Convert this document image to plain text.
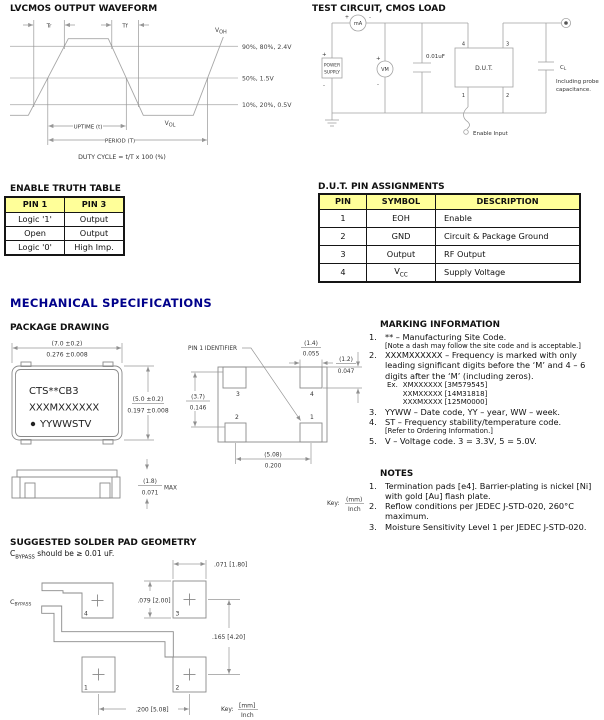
LVCMOS OUTPUT WAVEFORM
Tr	Tf
$V_{OH}$
$V_{OL}$
90%, 80%, 2.4V
50%, 1.5V
10%, 20%, 0.5V
UPTIME (t)
PERIOD (T)
DUTY CYCLE = t/T x 100 (%)
TEST CIRCUIT, CMOS LOAD
mA
+	-
POWER
SUPPLY
+
-
VM
+
-
0.01uF
D.U.T.
4	3
1	2
Enable Input
$C_L$
Including probe
capacitance.
ENABLE TRUTH TABLE
PIN 1	PIN 3
Logic '1'	Output
Open	Output
Logic '0'	High Imp.
D.U.T. PIN ASSIGNMENTS
PIN	SYMBOL	DESCRIPTION
1	EOH	Enable
2	GND	Circuit & Package Ground
3	Output	RF Output
4	$V_{CC}$	Supply Voltage
MECHANICAL SPECIFICATIONS
PACKAGE DRAWING
CTS**CB3
XXXMXXXXXX
YYWWSTV
(7.0 ±0.2)
0.276 ±0.008
(5.0 ±0.2)
0.197 ±0.008
3	4
2	1
PIN 1 IDENTIFIER
(1.4)
0.055
(1.2)
0.047
(3.7)
0.146
(5.08)
0.200
(1.8)
0.071
MAX
Key: (mm)
Inch
MARKING INFORMATION
1. ** – Manufacturing Site Code.
[Note a dash may follow the site code and is acceptable.]
2. XXXMXXXXXX – Frequency is marked with only leading significant digits before the ‘M’ and 4 – 6 digits after the ‘M’ (including zeros).
Ex. XMXXXXXX [3M579545]
XXMXXXXX [14M31818]
XXXMXXXX [125M0000]
3. YYWW – Date code, YY – year, WW – week.
4. ST – Frequency stability/temperature code.
[Refer to Ordering Information.]
5. V – Voltage code. 3 = 3.3V, 5 = 5.0V.
NOTES
1. Termination pads [e4]. Barrier-plating is nickel [Ni] with gold [Au] flash plate.
2. Reflow conditions per JEDEC J-STD-020, 260°C maximum.
3. Moisture Sensitivity Level 1 per JEDEC J-STD-020.
SUGGESTED SOLDER PAD GEOMETRY
$C_{BYPASS}$ should be ≥ 0.01 uF.
$C_{BYPASS}$
4	3
1	2
.071 [1.80]
.079 [2.00]
.165 [4.20]
.200 [5.08]	Key: [mm]
Inch
